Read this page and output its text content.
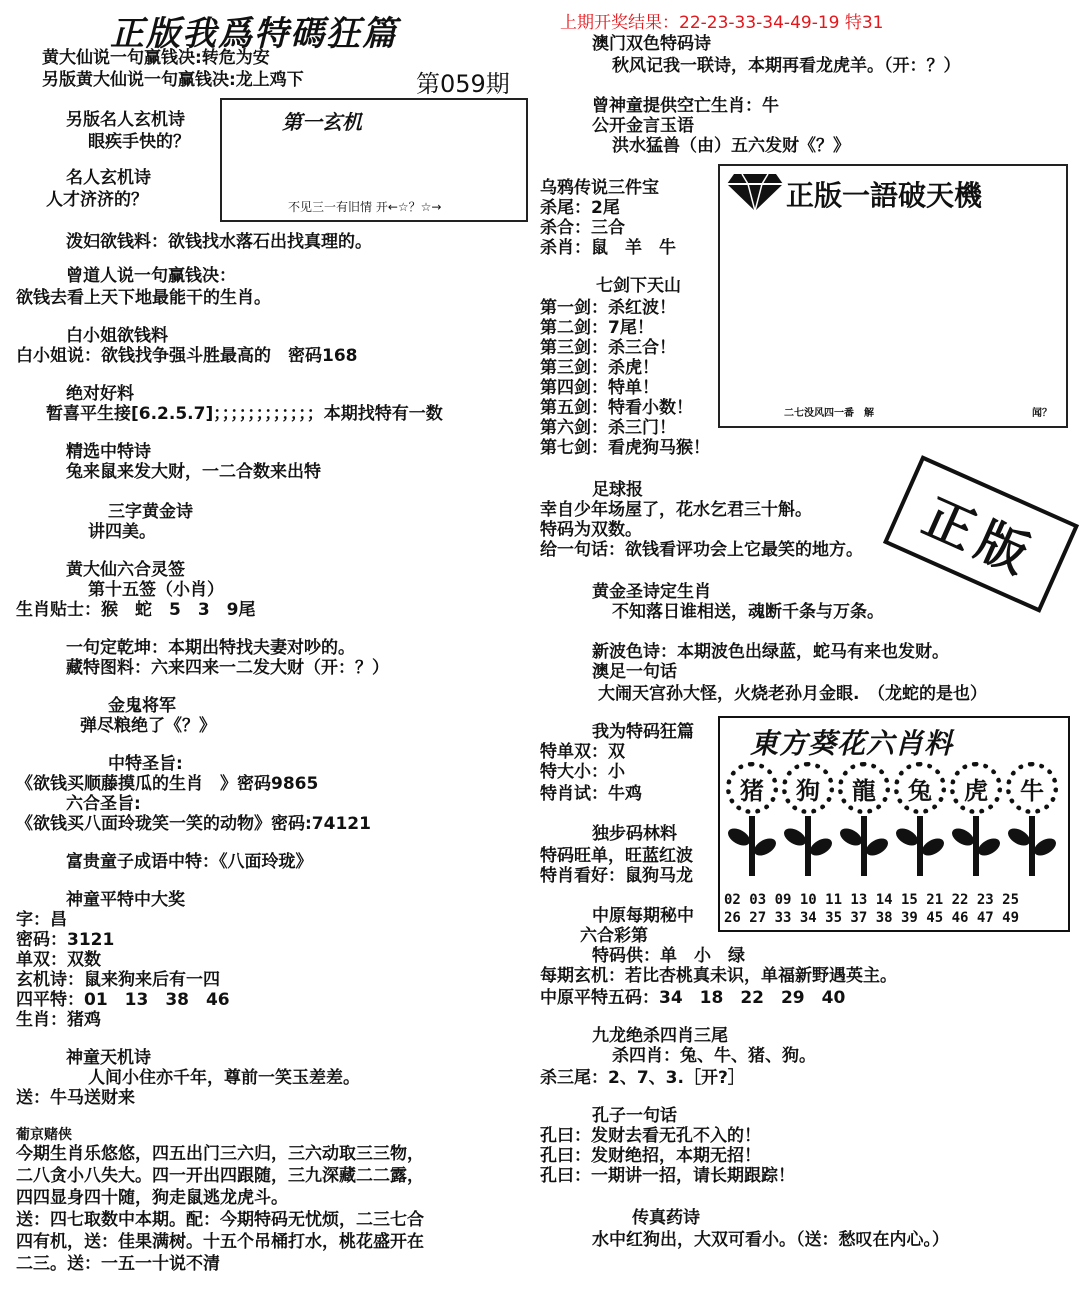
正版我爲特碼狂篇	上期开奖结果：22-23-33-34-49-19 特31
第059期
黄大仙说一句赢钱决:转危为安
另版黄大仙说一句赢钱决:龙上鸡下
另版名人玄机诗
眼疾手快的？
第一玄机
不见三一有旧情 开←☆？☆→
名人玄机诗
人才济济的？
泼妇欲钱料：欲钱找水落石出找真理的。
曾道人说一句赢钱决：
欲钱去看上天下地最能干的生肖。
白小姐欲钱料
白小姐说：欲钱找争强斗胜最高的　密码168
绝对好料
暂喜平生接[6.2.5.7]；；；；；；；；；；；；本期找特有一数
精选中特诗
兔来鼠来发大财，一二合数来出特
三字黄金诗
讲四美。
黄大仙六合灵签
第十五签（小肖）
生肖贴士：猴　蛇　5　3　9尾
一句定乾坤：本期出特找夫妻对吵的。
藏特图料：六来四来一二发大财（开：？）
金鬼将军
弹尽粮绝了《？》
中特圣旨:
《欲钱买顺藤摸瓜的生肖　》密码9865
六合圣旨:
《欲钱买八面玲珑笑一笑的动物》密码:74121
富贵童子成语中特：《八面玲珑》
神童平特中大奖
字：昌
密码：3121
单双：双数
玄机诗：鼠来狗来后有一四
四平特：01　13　38　46
生肖：猪鸡
神童天机诗
人间小住亦千年，尊前一笑玉差差。
送：牛马送财来
葡京赌侠
今期生肖乐悠悠，四五出门三六归，三六动取三三物，
二八贪小八失大。四一开出四跟随，三九深藏二二露，
四四显身四十随，狗走鼠逃龙虎斗。
送：四七取数中本期。配：今期特码无忧烦，二三七合
四有机，送：佳果满树。十五个吊桶打水，桃花盛开在
二三。送：一五一十说不清
澳门双色特码诗
秋风记我一联诗，本期再看龙虎羊。（开：？）
曾神童提供空亡生肖：牛
公开金言玉语
洪水猛兽（由）五六发财《？》
乌鸦传说三件宝
杀尾：2尾
杀合：三合
杀肖：鼠　羊　牛
正版一語破天機
二七没风四一番　解	闻？
七剑下天山
第一剑：杀红波！
第二剑：7尾！
第三剑：杀三合！
第三剑：杀虎！
第四剑：特单！
第五剑：特看小数！
第六剑：杀三门！
第七剑：看虎狗马猴！
正版
足球报
幸自少年场屋了，花水乞君三十斛。
特码为双数。
给一句话：欲钱看评功会上它最笑的地方。
黄金圣诗定生肖
不知落日谁相送，魂断千条与万条。
新波色诗：本期波色出绿蓝，蛇马有来也发财。
澳足一句话
大闹天宫孙大怪，火烧老孙月金眼.　（龙蛇的是也）
我为特码狂篇
特单双：双
特大小：小
特肖试：牛鸡
東方葵花六肖料
猪	狗	龍	兔	虎	牛
02 03 09 10 11 13 14 15 21 22 23 25
26 27 33 34 35 37 38 39 45 46 47 49
独步码林料
特码旺单，旺蓝红波
特肖看好：鼠狗马龙
中原每期秘中
六合彩第
特码供：单　小　绿
每期玄机：若比杏桃真未识，单福新野遇英主。
中原平特五码：34　18　22　29　40
九龙绝杀四肖三尾
杀四肖：兔、牛、猪、狗。
杀三尾：2、7、3.［开?］
孔子一句话
孔曰：发财去看无孔不入的！
孔曰：发财绝招，本期无招！
孔曰：一期讲一招，请长期跟踪！
传真药诗
水中红狗出，大双可看小。（送：愁叹在内心。）
